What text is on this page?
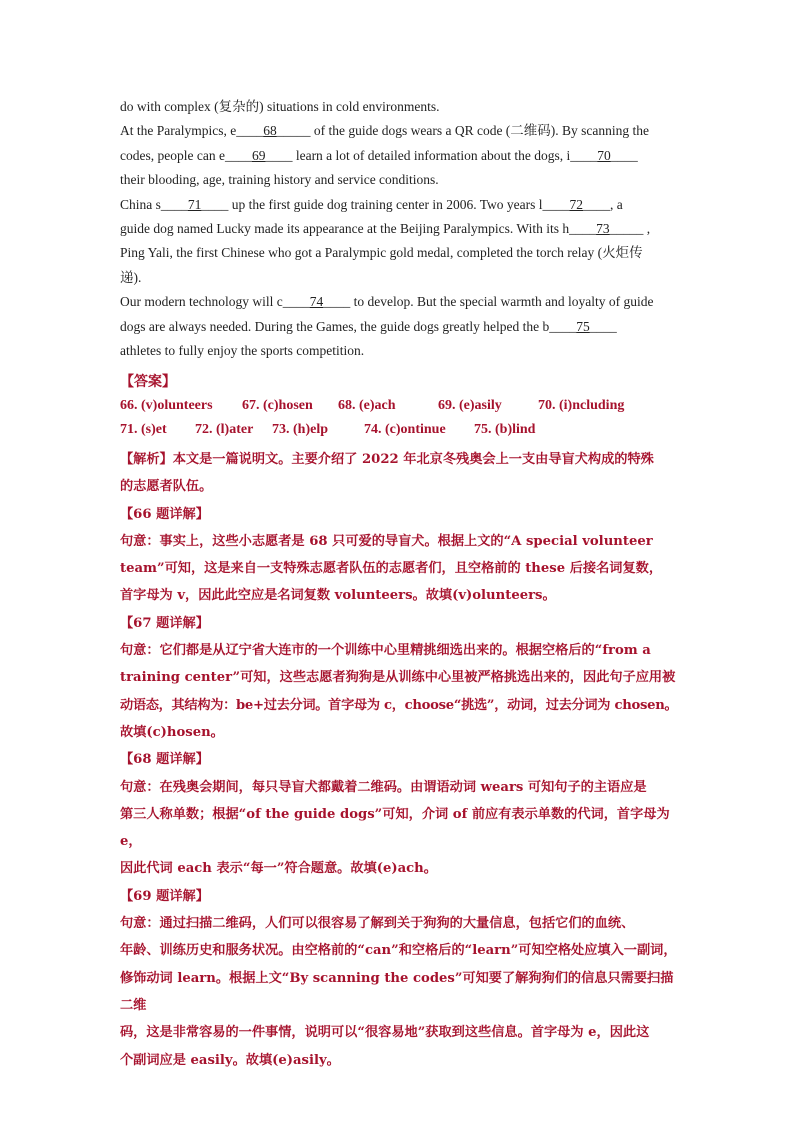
do with complex (复杂的) situations in cold environments.

At the Paralympics, e____68_____ of the guide dogs wears a QR code (二维码). By scanning the

codes, people can e____69____ learn a lot of detailed information about the dogs, i____70____

their blooding, age, training history and service conditions.

China s____71____ up the first guide dog training center in 2006. Two years l____72____, a

guide dog named Lucky made its appearance at the Beijing Paralympics. With its h____73_____ ,

Ping Yali, the first Chinese who got a Paralympic gold medal, completed the torch relay (火炬传

递).

Our modern technology will c____74____ to develop. But the special warmth and loyalty of guide

dogs are always needed. During the Games, the guide dogs greatly helped the b____75____

athletes to fully enjoy the sports competition.

【答案】
66. (v)olunteers	67. (c)hosen	68. (e)ach	69. (e)asily	70. (i)ncluding
71. (s)et	72. (l)ater	73. (h)elp	74. (c)ontinue	75. (b)lind

【解析】本文是一篇说明文。主要介绍了 2022 年北京冬残奥会上一支由导盲犬构成的特殊

的志愿者队伍。

【66 题详解】

句意：事实上，这些小志愿者是 68 只可爱的导盲犬。根据上文的“A special volunteer

team”可知，这是来自一支特殊志愿者队伍的志愿者们，且空格前的 these 后接名词复数，

首字母为 v，因此此空应是名词复数 volunteers。故填(v)olunteers。

【67 题详解】

句意：它们都是从辽宁省大连市的一个训练中心里精挑细选出来的。根据空格后的“from a

training center”可知，这些志愿者狗狗是从训练中心里被严格挑选出来的，因此句子应用被

动语态，其结构为：be+过去分词。首字母为 c，choose“挑选”，动词，过去分词为 chosen。

故填(c)hosen。

【68 题详解】

句意：在残奥会期间，每只导盲犬都戴着二维码。由谓语动词 wears 可知句子的主语应是

第三人称单数；根据“of the guide dogs”可知，介词 of 前应有表示单数的代词，首字母为 e，

因此代词 each 表示“每一”符合题意。故填(e)ach。

【69 题详解】

句意：通过扫描二维码，人们可以很容易了解到关于狗狗的大量信息，包括它们的血统、

年龄、训练历史和服务状况。由空格前的“can”和空格后的“learn”可知空格处应填入一副词，

修饰动词 learn。根据上文“By scanning the codes”可知要了解狗狗们的信息只需要扫描二维

码，这是非常容易的一件事情，说明可以“很容易地”获取到这些信息。首字母为 e，因此这

个副词应是 easily。故填(e)asily。
